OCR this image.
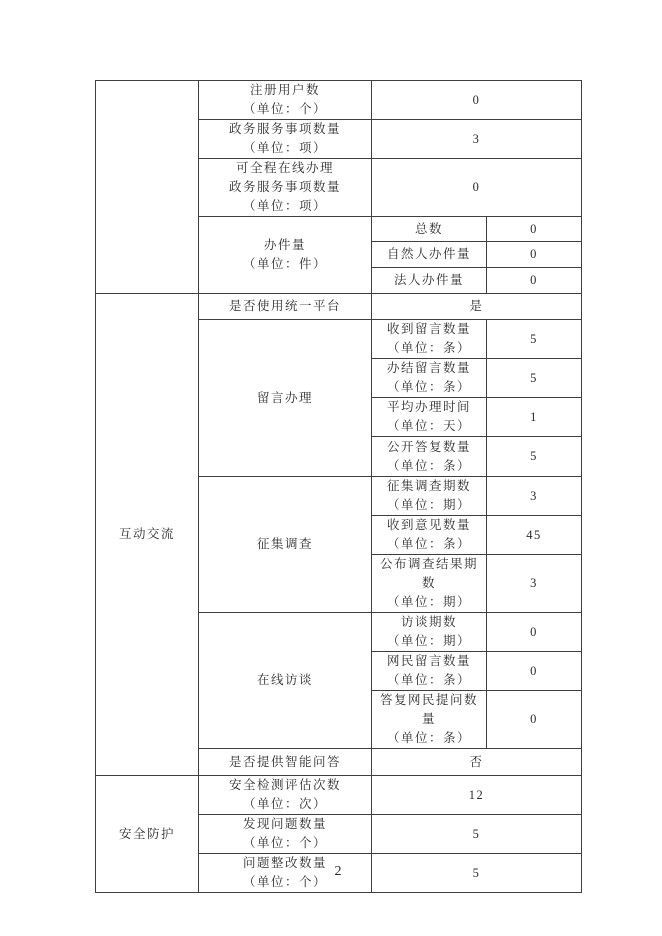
	注册用户数
（单位：个）	0	

	政务服务事项数量
（单位：项）	3	

	可全程在线办理
政务服务事项数量
（单位：项）	0	

	办件量
（单位：件）	总数	0
		自然人办件量	0
		法人办件量	0
互动交流	是否使用统一平台	是	
	留言办理	收到留言数量
（单位：条）	5

		办结留言数量
（单位：条）	5

		平均办理时间
（单位：天）	1

		公开答复数量
（单位：条）	5
	征集调查	征集调查期数
（单位：期）	3

		收到意见数量
（单位：条）	45

		公布调查结果期数
（单位：期）	3
	在线访谈	访谈期数
（单位：期）	0

		网民留言数量
（单位：条）	0

		答复网民提问数量
（单位：条）	0
	是否提供智能问答	否	
安全防护	安全检测评估次数
（单位：次）	12	

	发现问题数量
（单位：个）	5	

	问题整改数量
（单位：个）	5	
2
